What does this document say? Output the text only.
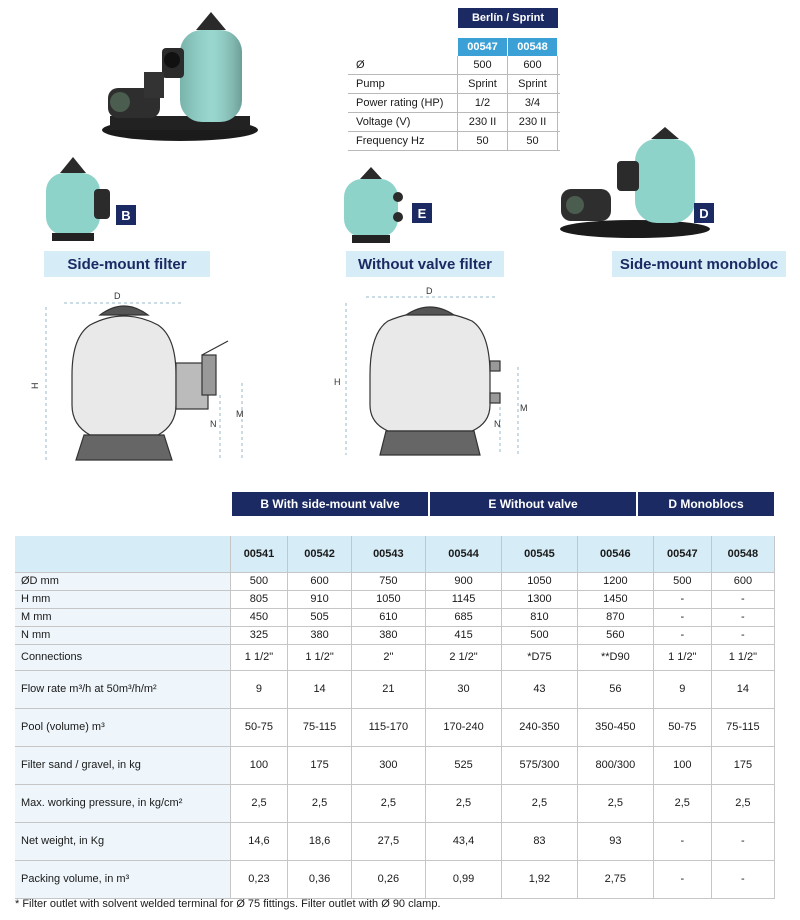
Berlín / Sprint
00547	00548
Ø	500	600
Pump	Sprint	Sprint
Power rating (HP)	1/2	3/4
Voltage (V)	230 II	230 II
Frequency Hz	50	50
B
Side-mount filter
E
Without valve filter
D
Side-mount monobloc
D
H
N
M
D
H
N
M
B With side-mount valve	E Without valve	D Monoblocs
	00541	00542	00543	00544	00545	00546	00547	00548
ØD mm	500	600	750	900	1050	1200	500	600
H mm	805	910	1050	1145	1300	1450	-	-
M mm	450	505	610	685	810	870	-	-
N mm	325	380	380	415	500	560	-	-
Connections	1 1/2"	1 1/2"	2"	2 1/2"	*D75	**D90	1 1/2"	1 1/2"
Flow rate m³/h at 50m³/h/m²	9	14	21	30	43	56	9	14
Pool (volume) m³	50-75	75-115	115-170	170-240	240-350	350-450	50-75	75-115
Filter sand / gravel, in kg	100	175	300	525	575/300	800/300	100	175
Max. working pressure, in kg/cm²	2,5	2,5	2,5	2,5	2,5	2,5	2,5	2,5
Net weight, in Kg	14,6	18,6	27,5	43,4	83	93	-	-
Packing volume, in m³	0,23	0,36	0,26	0,99	1,92	2,75	-	-
* Filter outlet with solvent welded terminal for Ø 75 fittings. Filter outlet with Ø 90 clamp.
